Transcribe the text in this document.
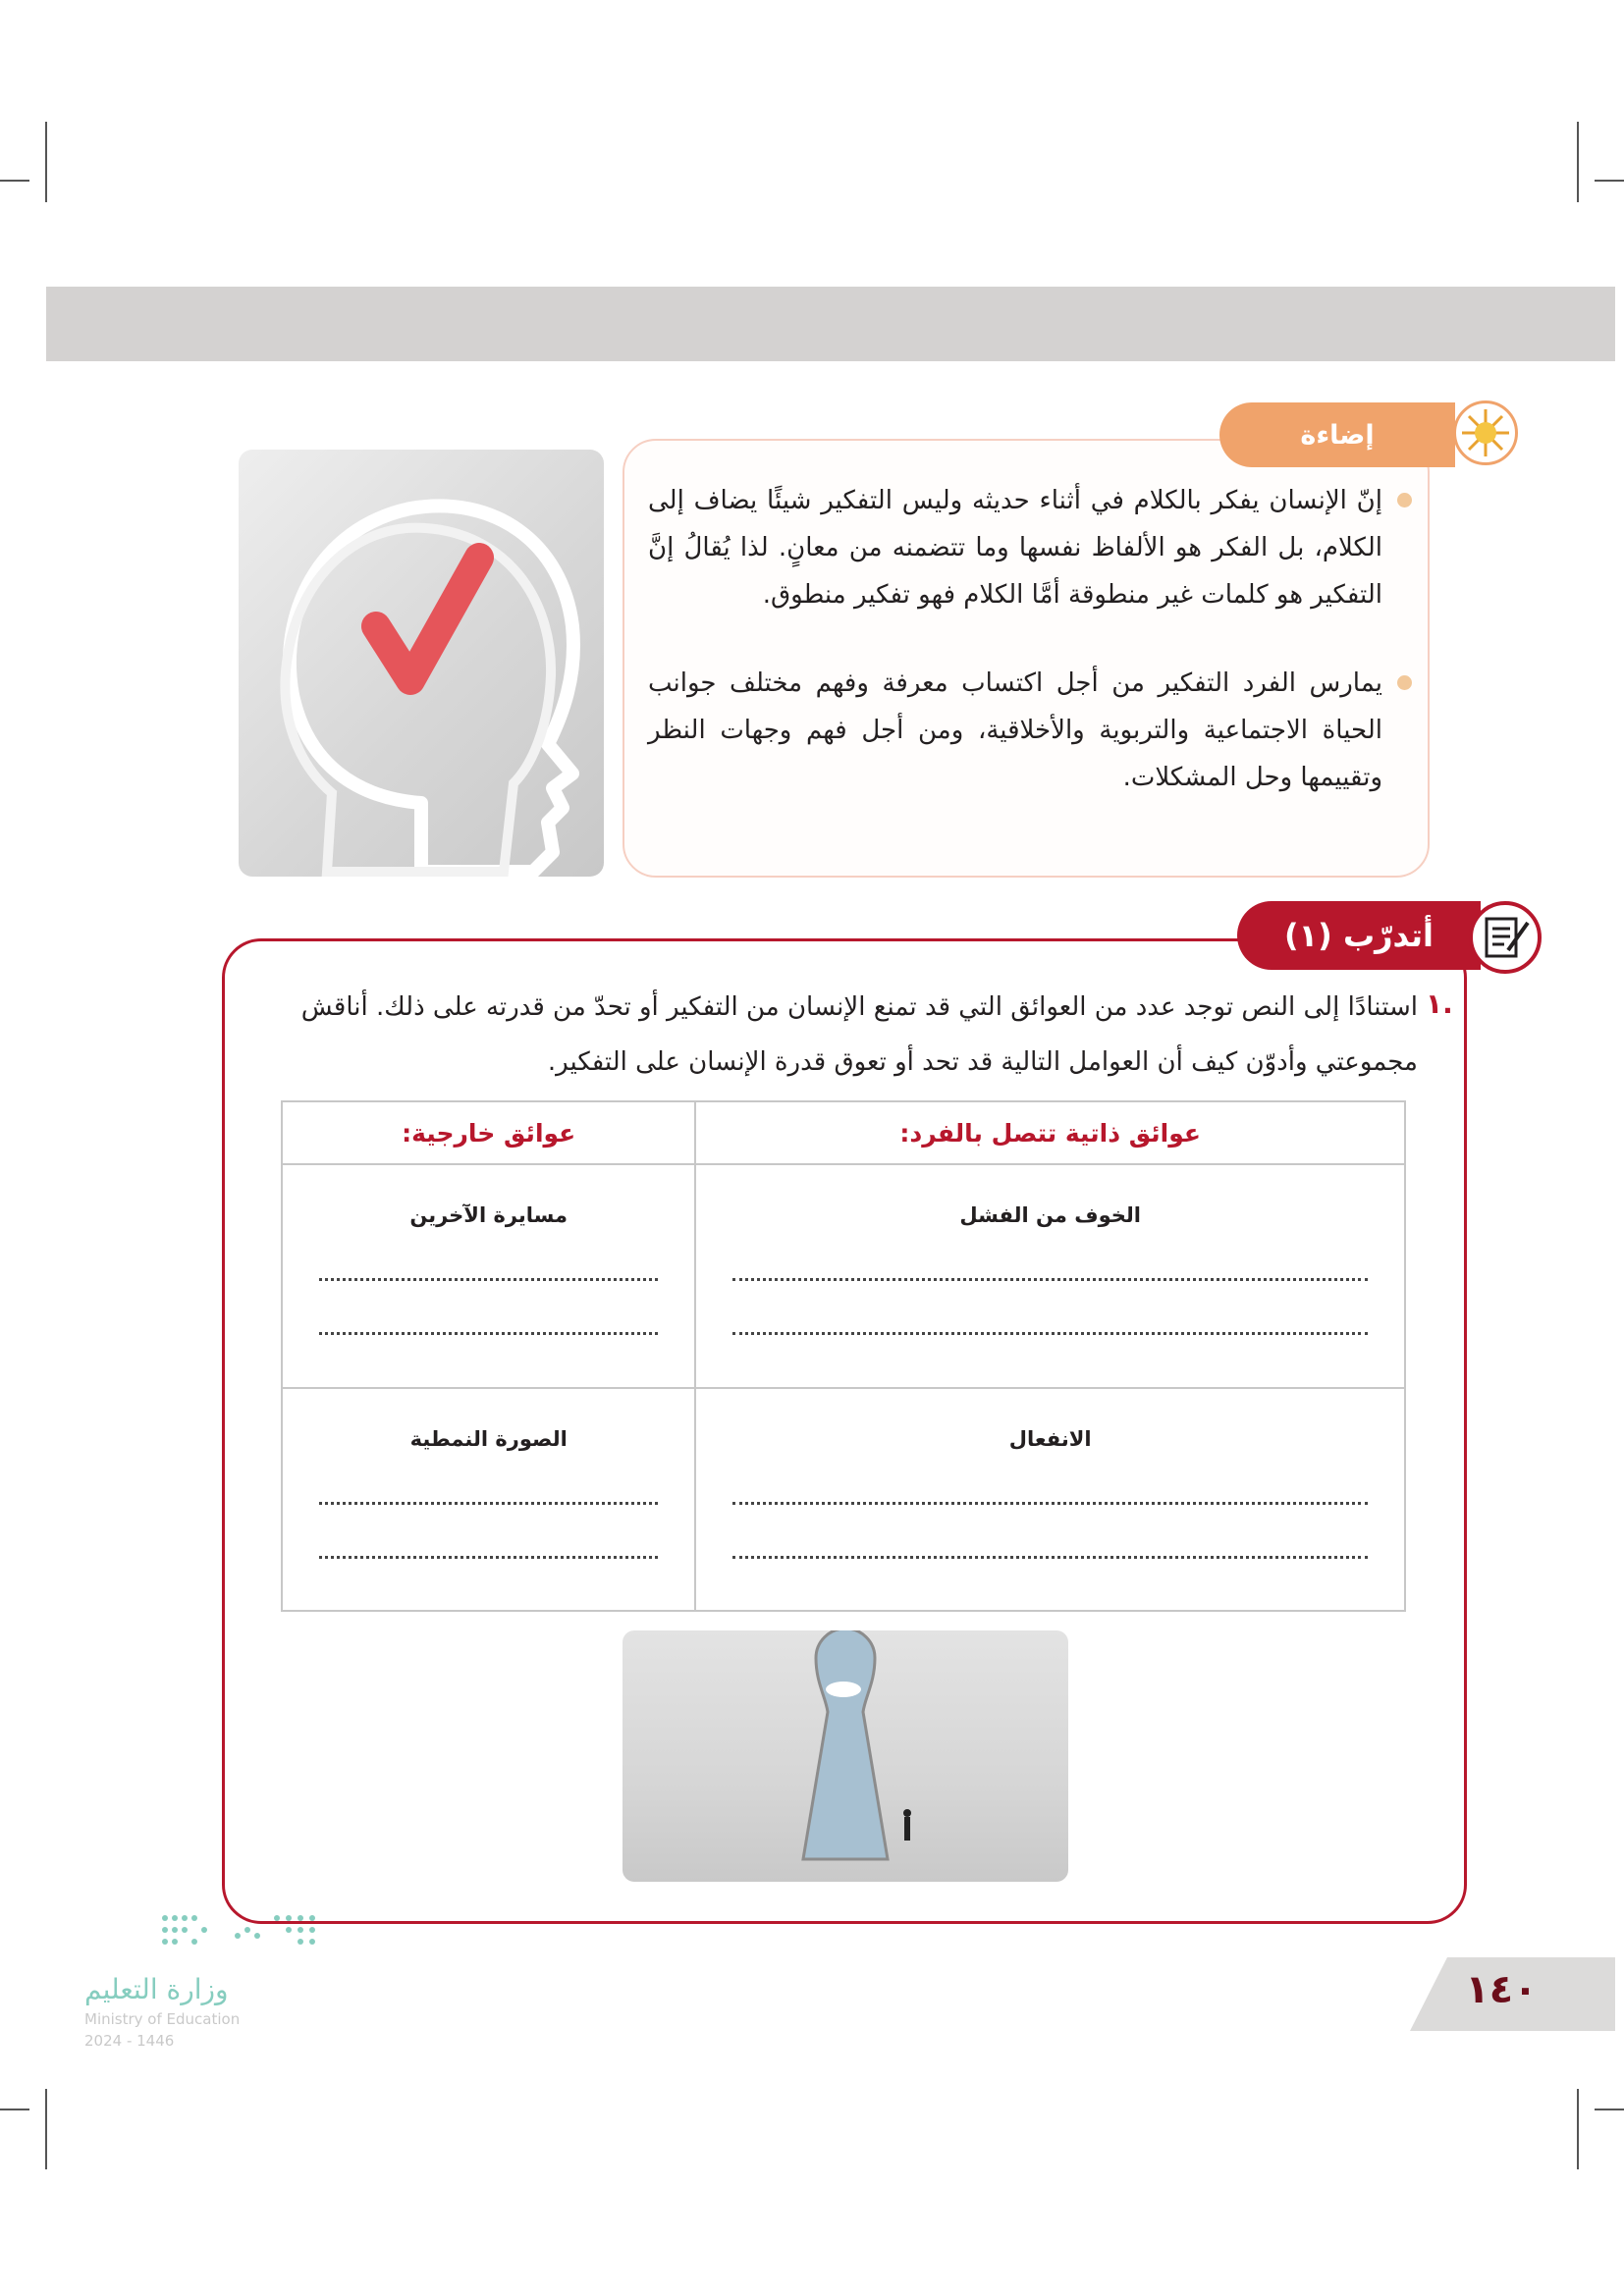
إضاءة
إنّ الإنسان يفكر بالكلام في أثناء حديثه وليس التفكير شيئًا يضاف إلى الكلام، بل الفكر هو الألفاظ نفسها وما تتضمنه من معانٍ. لذا يُقالُ إنَّ التفكير هو كلمات غير منطوقة أمَّا الكلام فهو تفكير منطوق.
يمارس الفرد التفكير من أجل اكتساب معرفة وفهم مختلف جوانب الحياة الاجتماعية والتربوية والأخلاقية، ومن أجل فهم وجهات النظر وتقييمها وحل المشكلات.
أتدرّب (١)
١.
استنادًا إلى النص توجد عدد من العوائق التي قد تمنع الإنسان من التفكير أو تحدّ من قدرته على ذلك. أناقش مجموعتي وأدوّن كيف أن العوامل التالية قد تحد أو تعوق قدرة الإنسان على التفكير.
عوائق ذاتية تتصل بالفرد:	عوائق خارجية:

الخوف من الفشل	مسايرة الآخرين

الانفعال	الصورة النمطية
١٤٠
وزارة التعليم
Ministry of Education
2024 - 1446
